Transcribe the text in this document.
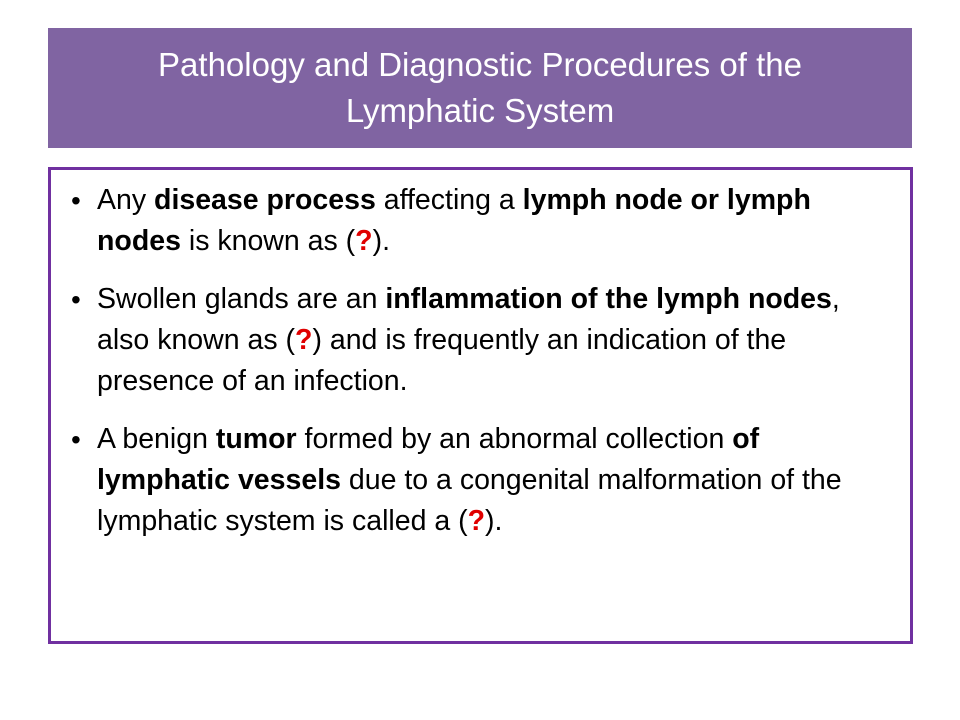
Pathology and Diagnostic Procedures of the
Lymphatic System
• Any disease process affecting a lymph node or lymph nodes is known as (?).
• Swollen glands are an inflammation of the lymph nodes, also known as (?) and is frequently an indication of the presence of an infection.
• A benign tumor formed by an abnormal collection of lymphatic vessels due to a congenital malformation of the lymphatic system is called a (?).
